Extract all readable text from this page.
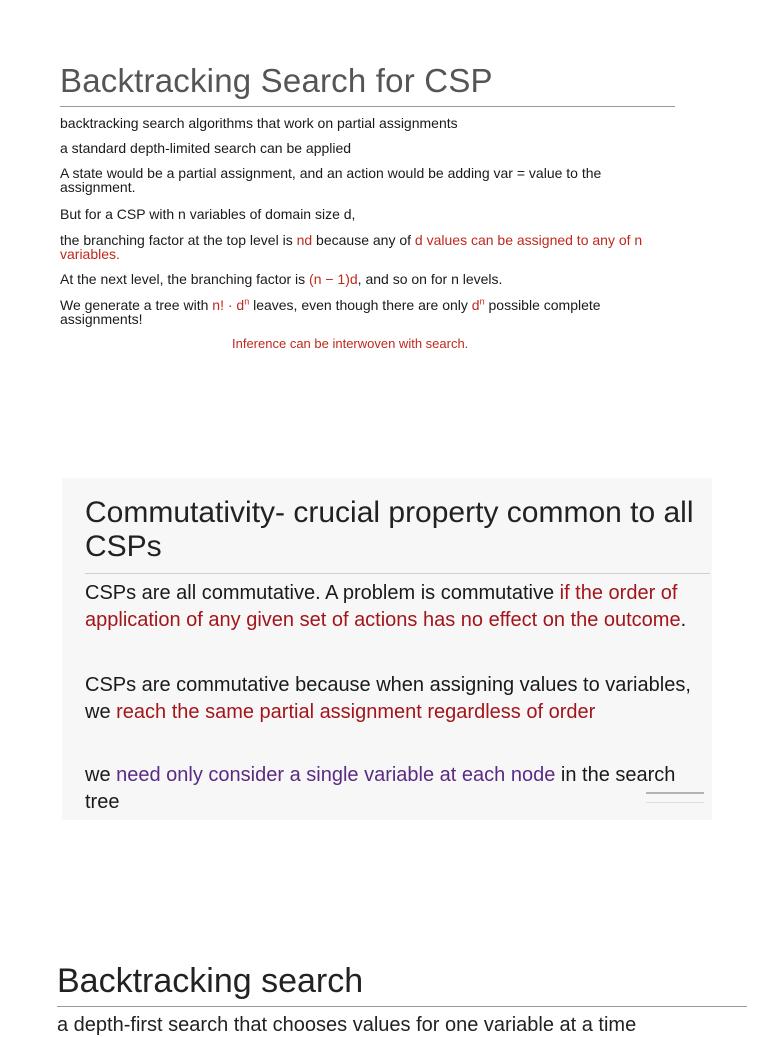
Backtracking Search for CSP
backtracking search algorithms that work on partial assignments
a standard depth-limited search can be applied
A state would be a partial assignment, and an action would be adding var = value to the assignment.
But for a CSP with n variables of domain size d,
the branching factor at the top level is nd because any of d values can be assigned to any of n variables.
At the next level, the branching factor is (n − 1)d, and so on for n levels.
We generate a tree with n! · $d^n$ leaves, even though there are only $d^n$ possible complete assignments!
Inference can be interwoven with search.
Commutativity- crucial property common to all CSPs
CSPs are all commutative. A problem is commutative if the order of application of any given set of actions has no effect on the outcome.
CSPs are commutative because when assigning values to variables, we reach the same partial assignment regardless of order
we need only consider a single variable at each node in the search tree
Backtracking search
a depth-first search that chooses values for one variable at a time
